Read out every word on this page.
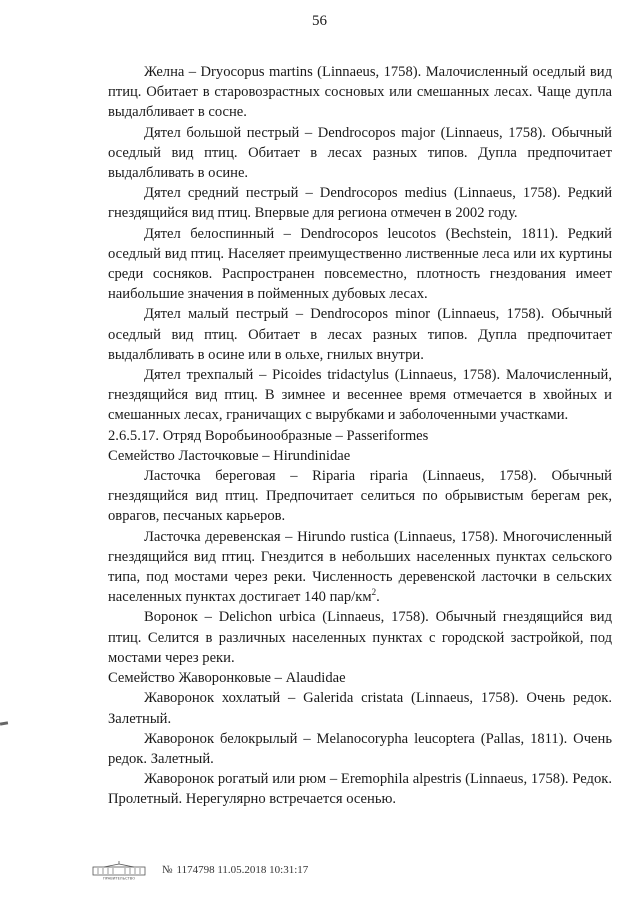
56

Желна – Dryocopus martins (Linnaeus, 1758). Малочисленный оседлый вид птиц. Обитает в старовозрастных сосновых или смешанных лесах. Чаще дупла выдалбливает в сосне.

Дятел большой пестрый – Dendrocopos major (Linnaeus, 1758). Обычный оседлый вид птиц. Обитает в лесах разных типов. Дупла предпочитает выдалбливать в осине.

Дятел средний пестрый – Dendrocopos medius (Linnaeus, 1758). Редкий гнездящийся вид птиц. Впервые для региона отмечен в 2002 году.

Дятел белоспинный – Dendrocopos leucotos (Bechstein, 1811). Редкий оседлый вид птиц. Населяет преимущественно лиственные леса или их куртины среди сосняков. Распространен повсеместно, плотность гнездования имеет наибольшие значения в пойменных дубовых лесах.

Дятел малый пестрый – Dendrocopos minor (Linnaeus, 1758). Обычный оседлый вид птиц. Обитает в лесах разных типов. Дупла предпочитает выдалбливать в осине или в ольхе, гнилых внутри.

Дятел трехпалый – Picoides tridactylus (Linnaeus, 1758). Малочисленный, гнездящийся вид птиц. В зимнее и весеннее время отмечается в хвойных и смешанных лесах, граничащих с вырубками и заболоченными участками.

2.6.5.17. Отряд Воробьинообразные – Passeriformes

Семейство Ласточковые – Hirundinidae

Ласточка береговая – Riparia riparia (Linnaeus, 1758). Обычный гнездящийся вид птиц. Предпочитает селиться по обрывистым берегам рек, оврагов, песчаных карьеров.

Ласточка деревенская – Hirundo rustica (Linnaeus, 1758). Многочисленный гнездящийся вид птиц. Гнездится в небольших населенных пунктах сельского типа, под мостами через реки. Численность деревенской ласточки в сельских населенных пунктах достигает 140 пар/$км^2$.

Воронок – Delichon urbica (Linnaeus, 1758). Обычный гнездящийся вид птиц. Селится в различных населенных пунктах с городской застройкой, под мостами через реки.

Семейство Жаворонковые – Alaudidae

Жаворонок хохлатый – Galerida cristata (Linnaeus, 1758). Очень редок. Залетный.

Жаворонок белокрылый – Melanocorypha leucoptera (Pallas, 1811). Очень редок. Залетный.

Жаворонок рогатый или рюм – Eremophila alpestris (Linnaeus, 1758). Редок. Пролетный. Нерегулярно встречается осенью.

ПРАВИТЕЛЬСТВО
№ 1174798 11.05.2018 10:31:17
